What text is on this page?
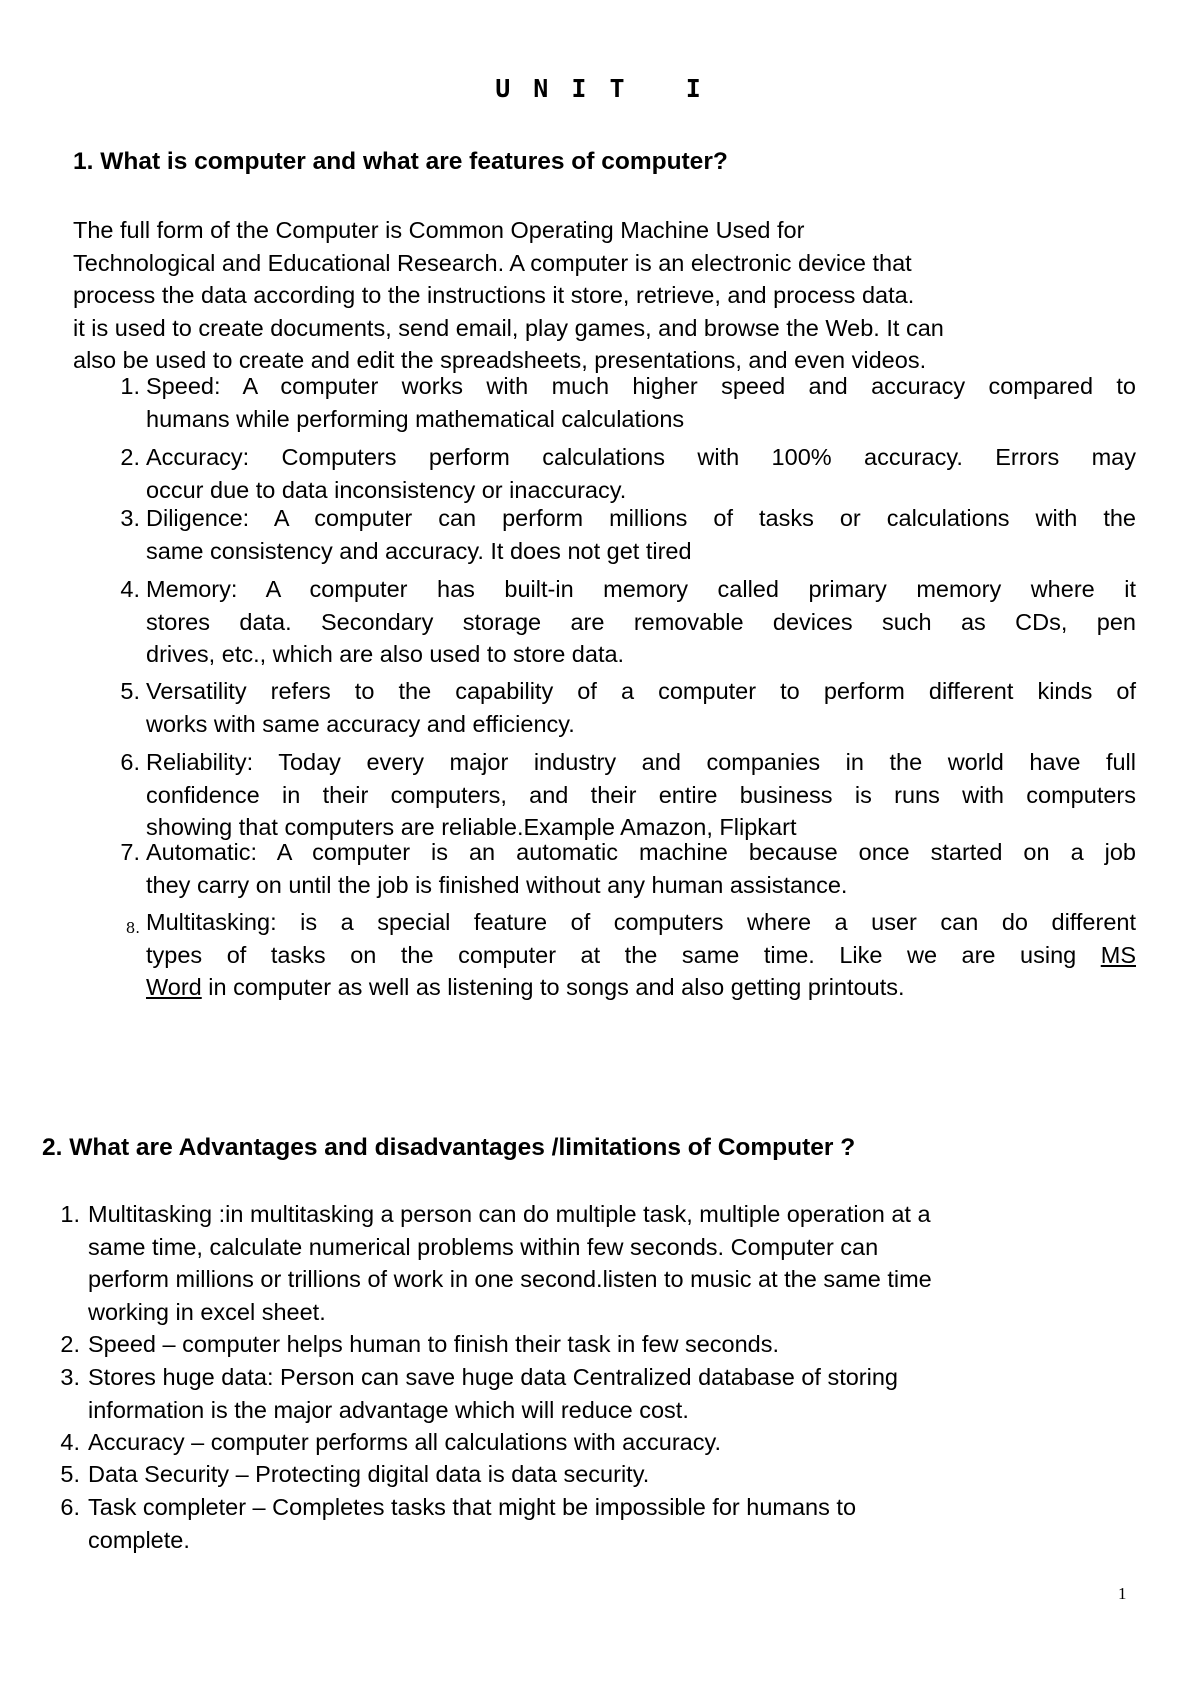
U N I T   I
1. What is computer and what are features of computer?
The full form of the Computer is Common Operating Machine Used for
Technological and Educational Research. A computer is an electronic device that
process the data according to the instructions it store, retrieve, and process data.
it is used to create documents, send email, play games, and browse the Web. It can
also be used to create and edit the spreadsheets, presentations, and even videos.
1. Speed: A computer works with much higher speed and accuracy compared to
humans while performing mathematical calculations
2. Accuracy: Computers perform calculations with 100% accuracy. Errors may
occur due to data inconsistency or inaccuracy.
3. Diligence: A computer can perform millions of tasks or calculations with the
same consistency and accuracy. It does not get tired
4. Memory: A computer has built-in memory called primary memory where it
stores data. Secondary storage are removable devices such as CDs, pen
drives, etc., which are also used to store data.
5. Versatility refers to the capability of a computer to perform different kinds of
works with same accuracy and efficiency.
6. Reliability: Today every major industry and companies in the world have full
confidence in their computers, and their entire business is runs with computers
showing that computers are reliable.Example Amazon, Flipkart
7. Automatic: A computer is an automatic machine because once started on a job
they carry on until the job is finished without any human assistance.
8. Multitasking: is a special feature of computers where a user can do different
types of tasks on the computer at the same time. Like we are using MS
Word in computer as well as listening to songs and also getting printouts.
2. What are Advantages and disadvantages /limitations of Computer ?
1. Multitasking :in multitasking a person can do multiple task, multiple operation at a
same time, calculate numerical problems within few seconds. Computer can
perform millions or trillions of work in one second.listen to music at the same time
working in excel sheet.
2. Speed – computer helps human to finish their task in few seconds.
3. Stores huge data: Person can save huge data Centralized database of storing
information is the major advantage which will reduce cost.
4. Accuracy – computer performs all calculations with accuracy.
5. Data Security – Protecting digital data is data security.
6. Task completer – Completes tasks that might be impossible for humans to
complete.
1
